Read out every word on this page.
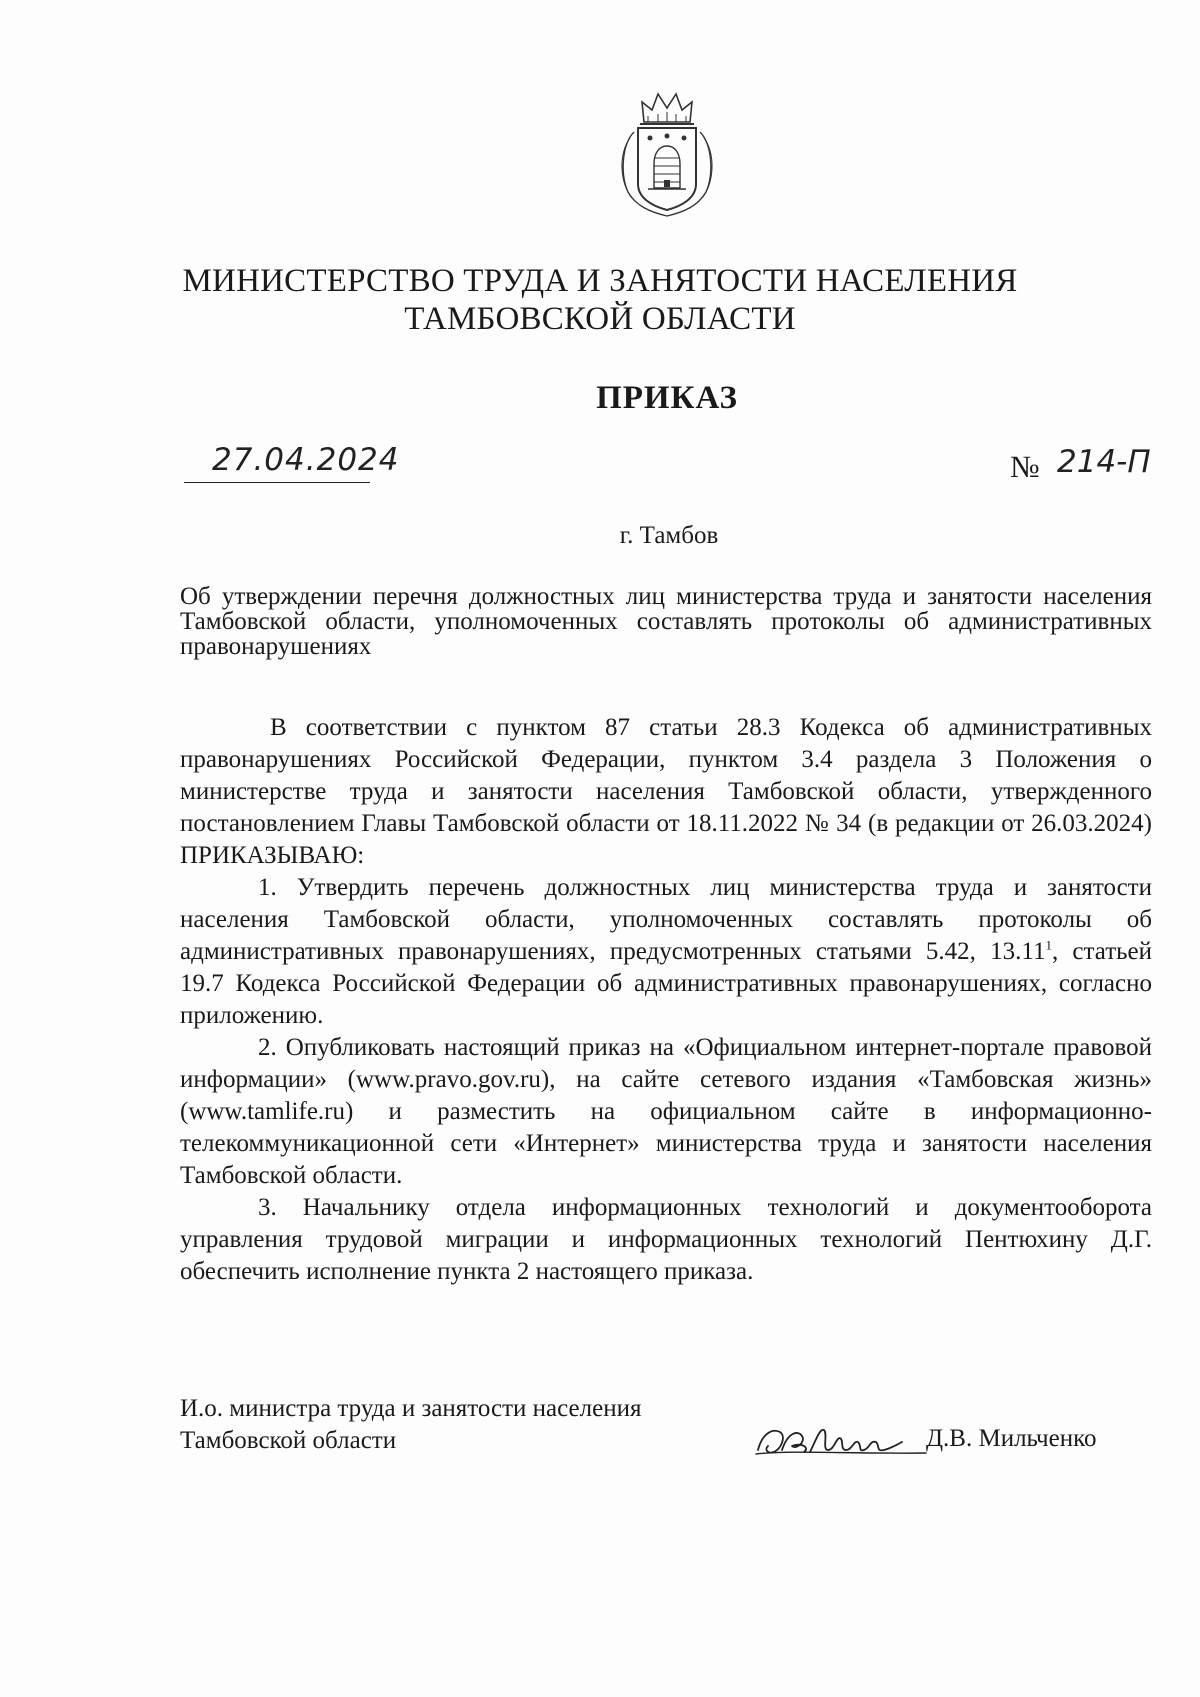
МИНИСТЕРСТВО ТРУДА И ЗАНЯТОСТИ НАСЕЛЕНИЯ
ТАМБОВСКОЙ ОБЛАСТИ
ПРИКАЗ
27.04.2024	№ 214-П
г. Тамбов
Об утверждении перечня должностных лиц министерства труда и занятости населения Тамбовской области, уполномоченных составлять протоколы об административных правонарушениях

В соответствии с пунктом 87 статьи 28.3 Кодекса об административных правонарушениях Российской Федерации, пунктом 3.4 раздела 3 Положения о министерстве труда и занятости населения Тамбовской области, утвержденного постановлением Главы Тамбовской области от 18.11.2022 № 34 (в редакции от 26.03.2024) ПРИКАЗЫВАЮ:

1. Утвердить перечень должностных лиц министерства труда и занятости населения Тамбовской области, уполномоченных составлять протоколы об административных правонарушениях, предусмотренных статьями 5.42, 13.11$^1$, статьей 19.7 Кодекса Российской Федерации об административных правонарушениях, согласно приложению.

2. Опубликовать настоящий приказ на «Официальном интернет-портале правовой информации» (www.pravo.gov.ru), на сайте сетевого издания «Тамбовская жизнь» (www.tamlife.ru) и разместить на официальном сайте в информационно-телекоммуникационной сети «Интернет» министерства труда и занятости населения Тамбовской области.

3. Начальнику отдела информационных технологий и документооборота управления трудовой миграции и информационных технологий Пентюхину Д.Г. обеспечить исполнение пункта 2 настоящего приказа.

И.о. министра труда и занятости населения
Тамбовской области	Д.В. Мильченко
